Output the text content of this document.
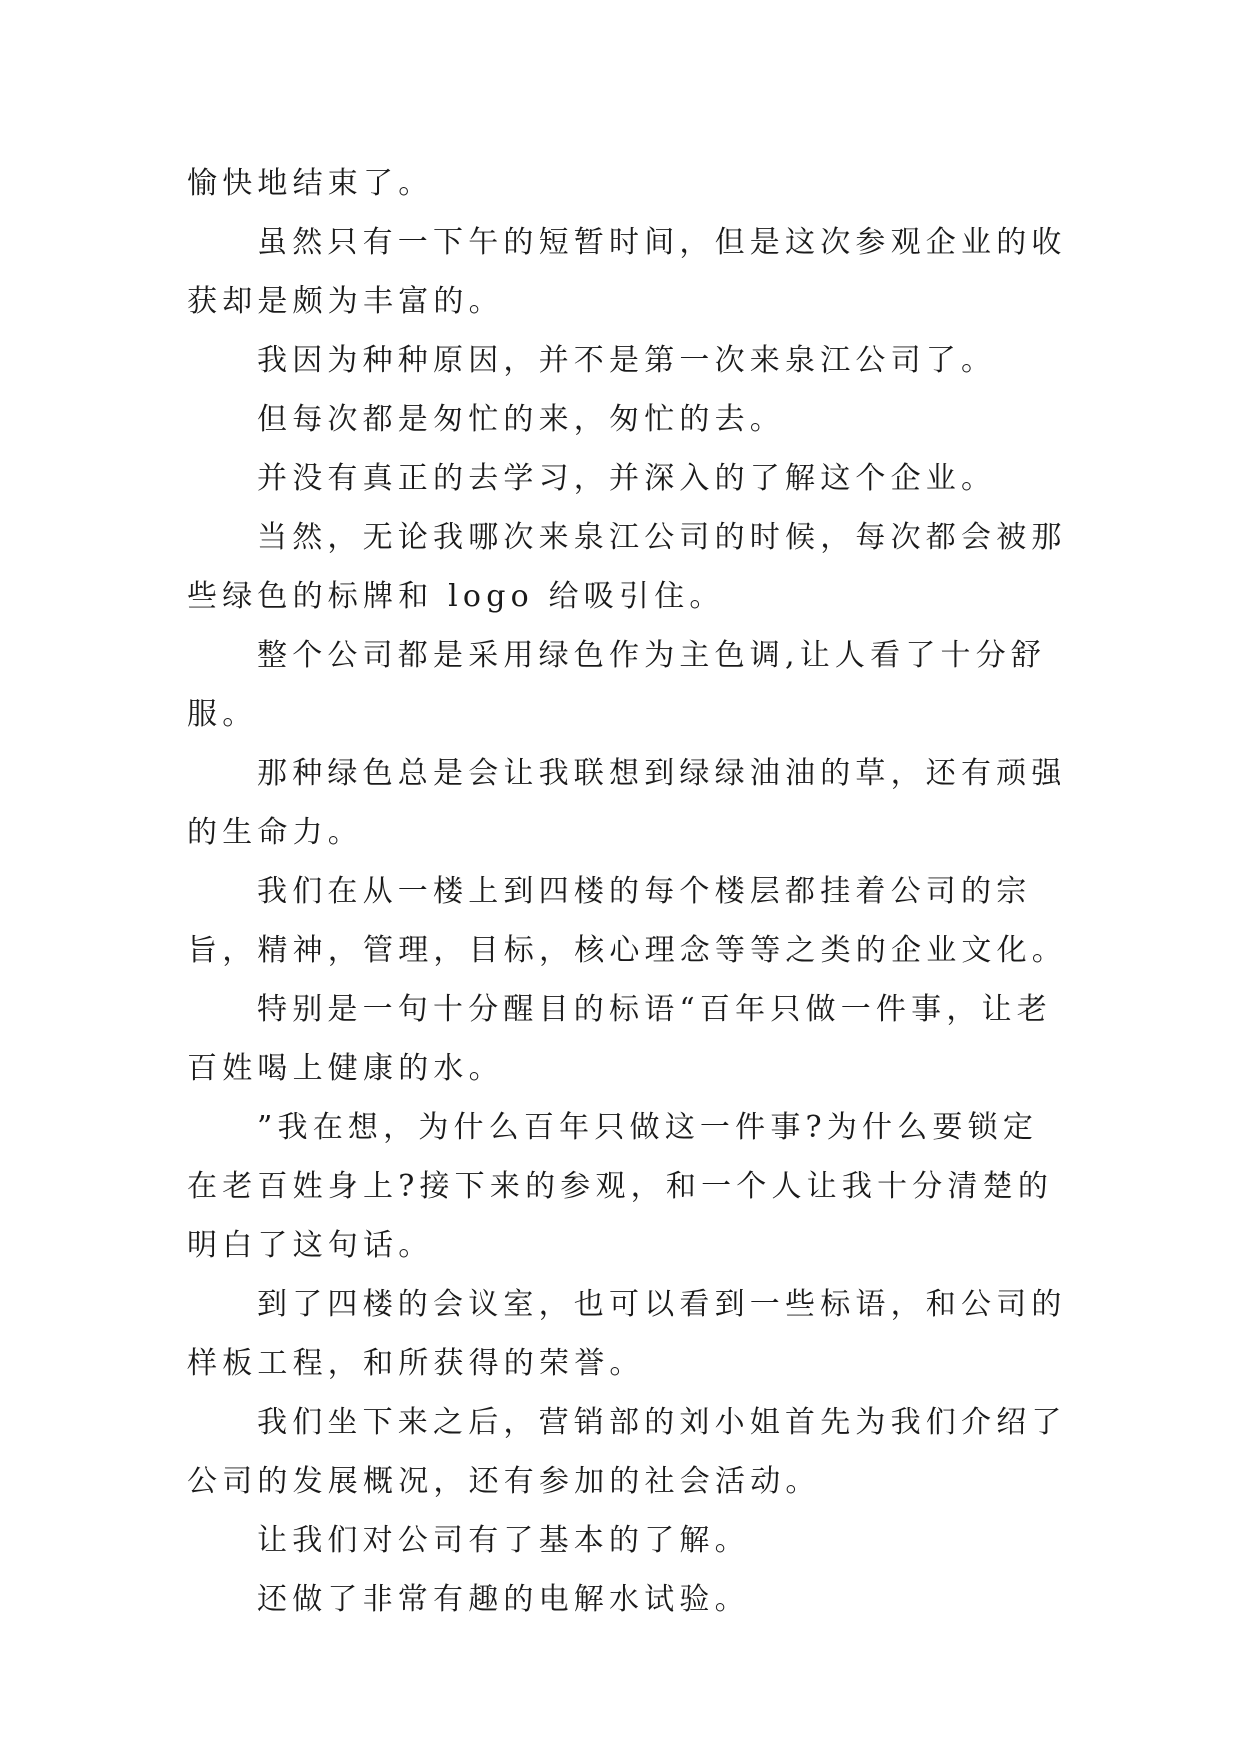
愉快地结束了。

虽然只有一下午的短暂时间，但是这次参观企业的收获却是颇为丰富的。

我因为种种原因，并不是第一次来泉江公司了。

但每次都是匆忙的来，匆忙的去。

并没有真正的去学习，并深入的了解这个企业。

当然，无论我哪次来泉江公司的时候，每次都会被那些绿色的标牌和 logo 给吸引住。

整个公司都是采用绿色作为主色调,让人看了十分舒服。

那种绿色总是会让我联想到绿绿油油的草，还有顽强的生命力。

我们在从一楼上到四楼的每个楼层都挂着公司的宗旨，精神，管理，目标，核心理念等等之类的企业文化。

特别是一句十分醒目的标语“百年只做一件事，让老百姓喝上健康的水。

”我在想，为什么百年只做这一件事?为什么要锁定在老百姓身上?接下来的参观，和一个人让我十分清楚的明白了这句话。

到了四楼的会议室，也可以看到一些标语，和公司的样板工程，和所获得的荣誉。

我们坐下来之后，营销部的刘小姐首先为我们介绍了公司的发展概况，还有参加的社会活动。

让我们对公司有了基本的了解。

还做了非常有趣的电解水试验。
